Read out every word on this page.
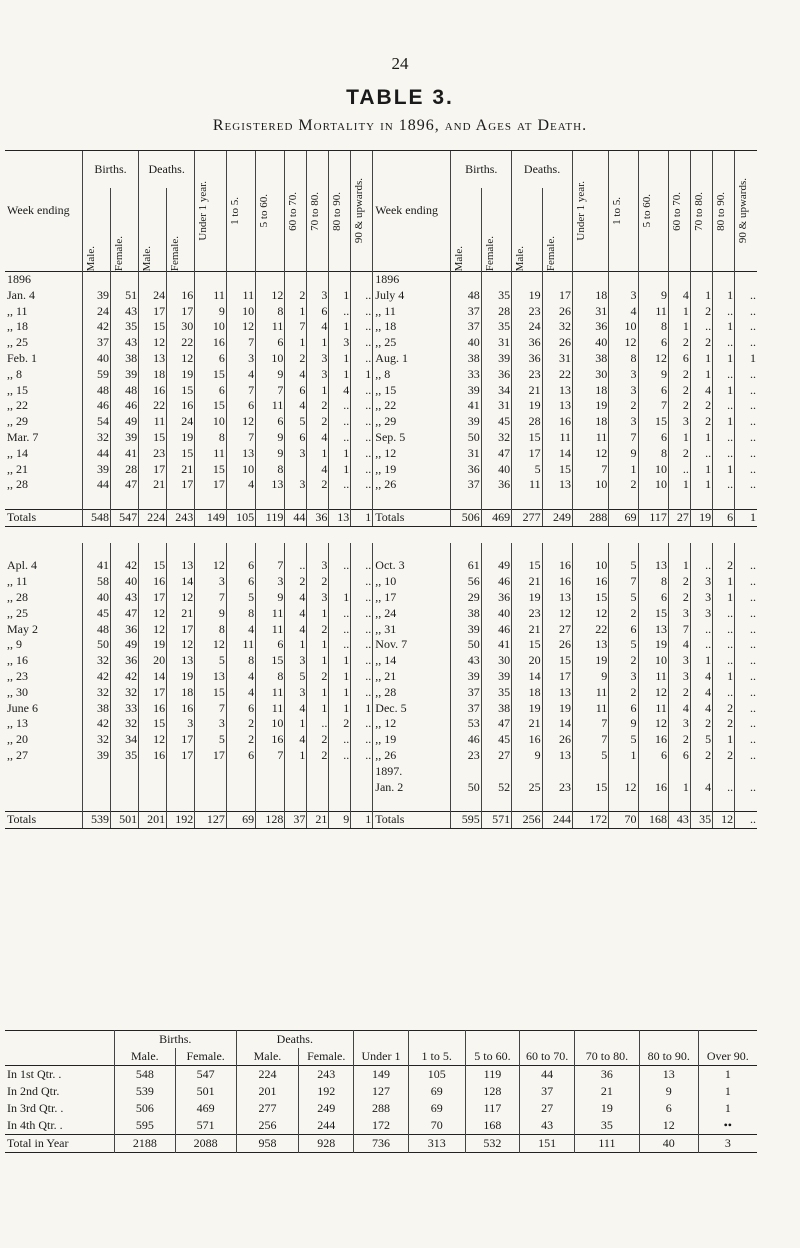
24
TABLE 3.
Registered Mortality in 1896, and Ages at Death.
Week ending	Births.		Deaths.		Under 1 year.	1 to 5.	5 to 60.	60 to 70.	70 to 80.	80 to 90.	90 & upwards.	Week ending	Births.		Deaths.		Under 1 year.	1 to 5.	5 to 60.	60 to 70.	70 to 80.	80 to 90.	90 & upwards.

	Male.	Female.	Male.	Female.									Male.	Female.	Male.	Female.							

1896												1896											
Jan. 4	39	51	24	16	11	11	12	2	3	1	..	July 4	48	35	19	17	18	3	9	4	1	1	..
,, 11	24	43	17	17	9	10	8	1	6	..	..	,, 11	37	28	23	26	31	4	11	1	2	..	..
,, 18	42	35	15	30	10	12	11	7	4	1	..	,, 18	37	35	24	32	36	10	8	1	..	1	..
,, 25	37	43	12	22	16	7	6	1	1	3	..	,, 25	40	31	36	26	40	12	6	2	2	..	..
Feb. 1	40	38	13	12	6	3	10	2	3	1	..	Aug. 1	38	39	36	31	38	8	12	6	1	1	1
,, 8	59	39	18	19	15	4	9	4	3	1	1	,, 8	33	36	23	22	30	3	9	2	1	..	..
,, 15	48	48	16	15	6	7	7	6	1	4	..	,, 15	39	34	21	13	18	3	6	2	4	1	..
,, 22	46	46	22	16	15	6	11	4	2	..	..	,, 22	41	31	19	13	19	2	7	2	2	..	..
,, 29	54	49	11	24	10	12	6	5	2	..	..	,, 29	39	45	28	16	18	3	15	3	2	1	..
Mar. 7	32	39	15	19	8	7	9	6	4	..	..	Sep. 5	50	32	15	11	11	7	6	1	1	..	..
,, 14	44	41	23	15	11	13	9	3	1	1	..	,, 12	31	47	17	14	12	9	8	2	..	..	..
,, 21	39	28	17	21	15	10	8		4	1	..	,, 19	36	40	5	15	7	1	10	..	1	1	..
,, 28	44	47	21	17	17	4	13	3	2	..	..	,, 26	37	36	11	13	10	2	10	1	1	..	..

Totals	548	547	224	243	149	105	119	44	36	13	1	Totals	506	469	277	249	288	69	117	27	19	6	1

Apl. 4	41	42	15	13	12	6	7	..	3	..	..	Oct. 3	61	49	15	16	10	5	13	1	..	2	..
,, 11	58	40	16	14	3	6	3	2	2		..	,, 10	56	46	21	16	16	7	8	2	3	1	..
,, 28	40	43	17	12	7	5	9	4	3	1	..	,, 17	29	36	19	13	15	5	6	2	3	1	..
,, 25	45	47	12	21	9	8	11	4	1	..	..	,, 24	38	40	23	12	12	2	15	3	3	..	..
May 2	48	36	12	17	8	4	11	4	2	..	..	,, 31	39	46	21	27	22	6	13	7	..	..	..
,, 9	50	49	19	12	12	11	6	1	1	..	..	Nov. 7	50	41	15	26	13	5	19	4	..	..	..
,, 16	32	36	20	13	5	8	15	3	1	1	..	,, 14	43	30	20	15	19	2	10	3	1	..	..
,, 23	42	42	14	19	13	4	8	5	2	1	..	,, 21	39	39	14	17	9	3	11	3	4	1	..
,, 30	32	32	17	18	15	4	11	3	1	1	..	,, 28	37	35	18	13	11	2	12	2	4	..	..
June 6	38	33	16	16	7	6	11	4	1	1	1	Dec. 5	37	38	19	19	11	6	11	4	4	2	..
,, 13	42	32	15	3	3	2	10	1	..	2	..	,, 12	53	47	21	14	7	9	12	3	2	2	..
,, 20	32	34	12	17	5	2	16	4	2	..	..	,, 19	46	45	16	26	7	5	16	2	5	1	..
,, 27	39	35	16	17	17	6	7	1	2	..	..	,, 26	23	27	9	13	5	1	6	6	2	2	..
												1897.											
												Jan. 2	50	52	25	23	15	12	16	1	4	..	..

Totals	539	501	201	192	127	69	128	37	21	9	1	Totals	595	571	256	244	172	70	168	43	35	12	..
	Births.		Deaths.								
	Male.	Female.	Male.	Female.	Under 1	1 to 5.	5 to 60.	60 to 70.	70 to 80.	80 to 90.	Over 90.
In 1st Qtr. .	548	547	224	243	149	105	119	44	36	13	1
In 2nd Qtr.	539	501	201	192	127	69	128	37	21	9	1
In 3rd Qtr. .	506	469	277	249	288	69	117	27	19	6	1
In 4th Qtr. .	595	571	256	244	172	70	168	43	35	12	••
Total in Year	2188	2088	958	928	736	313	532	151	111	40	3
